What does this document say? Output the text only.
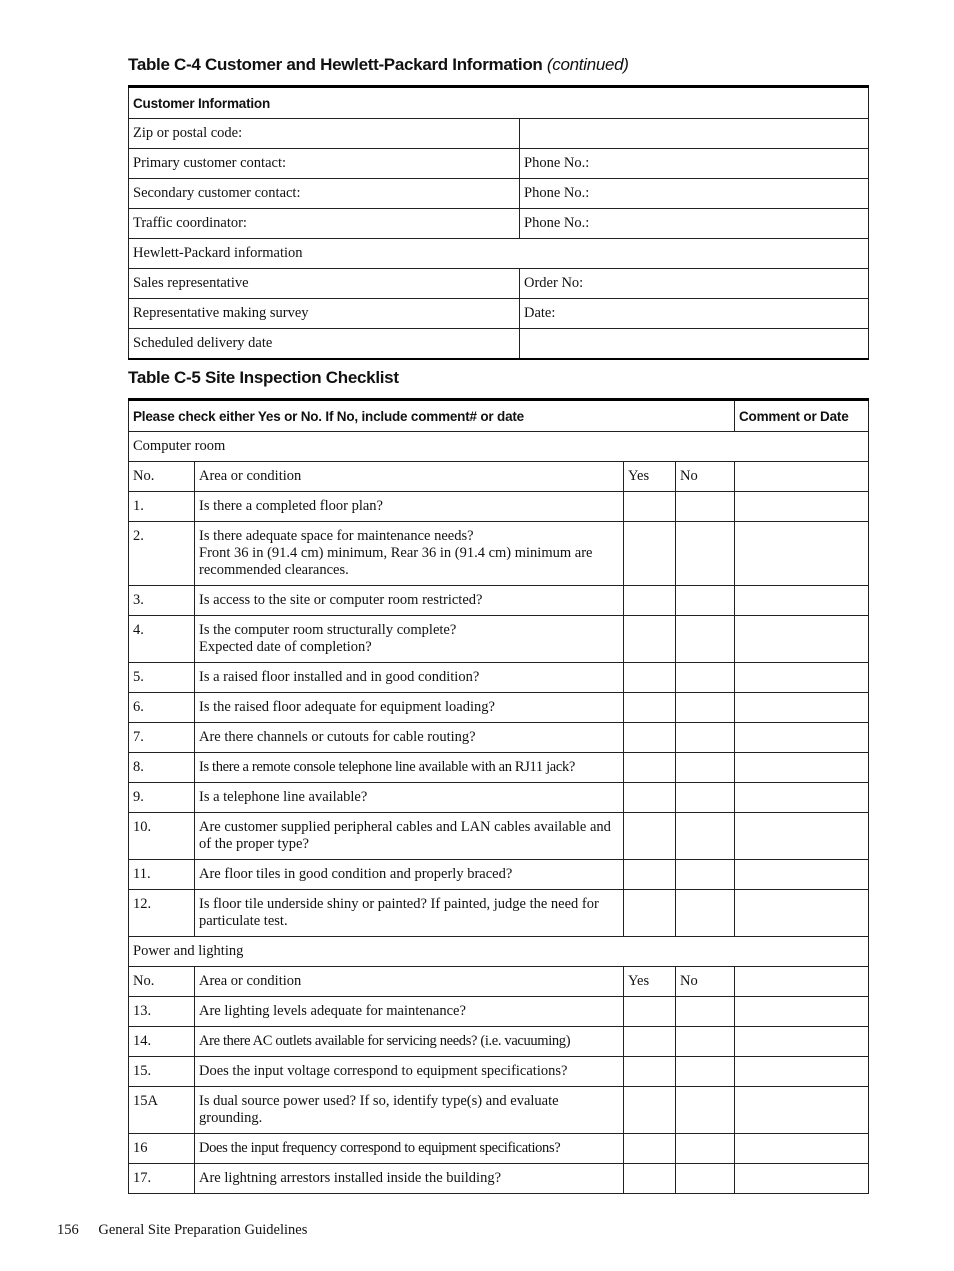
Table C-4 Customer and Hewlett-Packard Information (continued)
Customer Information	
Zip or postal code:	
Primary customer contact:	Phone No.:
Secondary customer contact:	Phone No.:
Traffic coordinator:	Phone No.:
Hewlett-Packard information	
Sales representative	Order No:
Representative making survey	Date:
Scheduled delivery date	
Table C-5 Site Inspection Checklist
Please check either Yes or No. If No, include comment# or date				Comment or Date
Computer room				
No.	Area or condition	Yes	No	
1.	Is there a completed floor plan?			
2.	Is there adequate space for maintenance needs?
Front 36 in (91.4 cm) minimum, Rear 36 in (91.4 cm) minimum are recommended clearances.			

3.	Is access to the site or computer room restricted?			
4.	Is the computer room structurally complete?
Expected date of completion?			

5.	Is a raised floor installed and in good condition?			
6.	Is the raised floor adequate for equipment loading?			
7.	Are there channels or cutouts for cable routing?			
8.	Is there a remote console telephone line available with an RJ11 jack?			
9.	Is a telephone line available?			
10.	Are customer supplied peripheral cables and LAN cables available and of the proper type?			
11.	Are floor tiles in good condition and properly braced?			
12.	Is floor tile underside shiny or painted? If painted, judge the need for particulate test.			
Power and lighting				
No.	Area or condition	Yes	No	
13.	Are lighting levels adequate for maintenance?			
14.	Are there AC outlets available for servicing needs? (i.e. vacuuming)			
15.	Does the input voltage correspond to equipment specifications?			
15A	Is dual source power used? If so, identify type(s) and evaluate grounding.			
16	Does the input frequency correspond to equipment specifications?			
17.	Are lightning arrestors installed inside the building?			
156 General Site Preparation Guidelines
